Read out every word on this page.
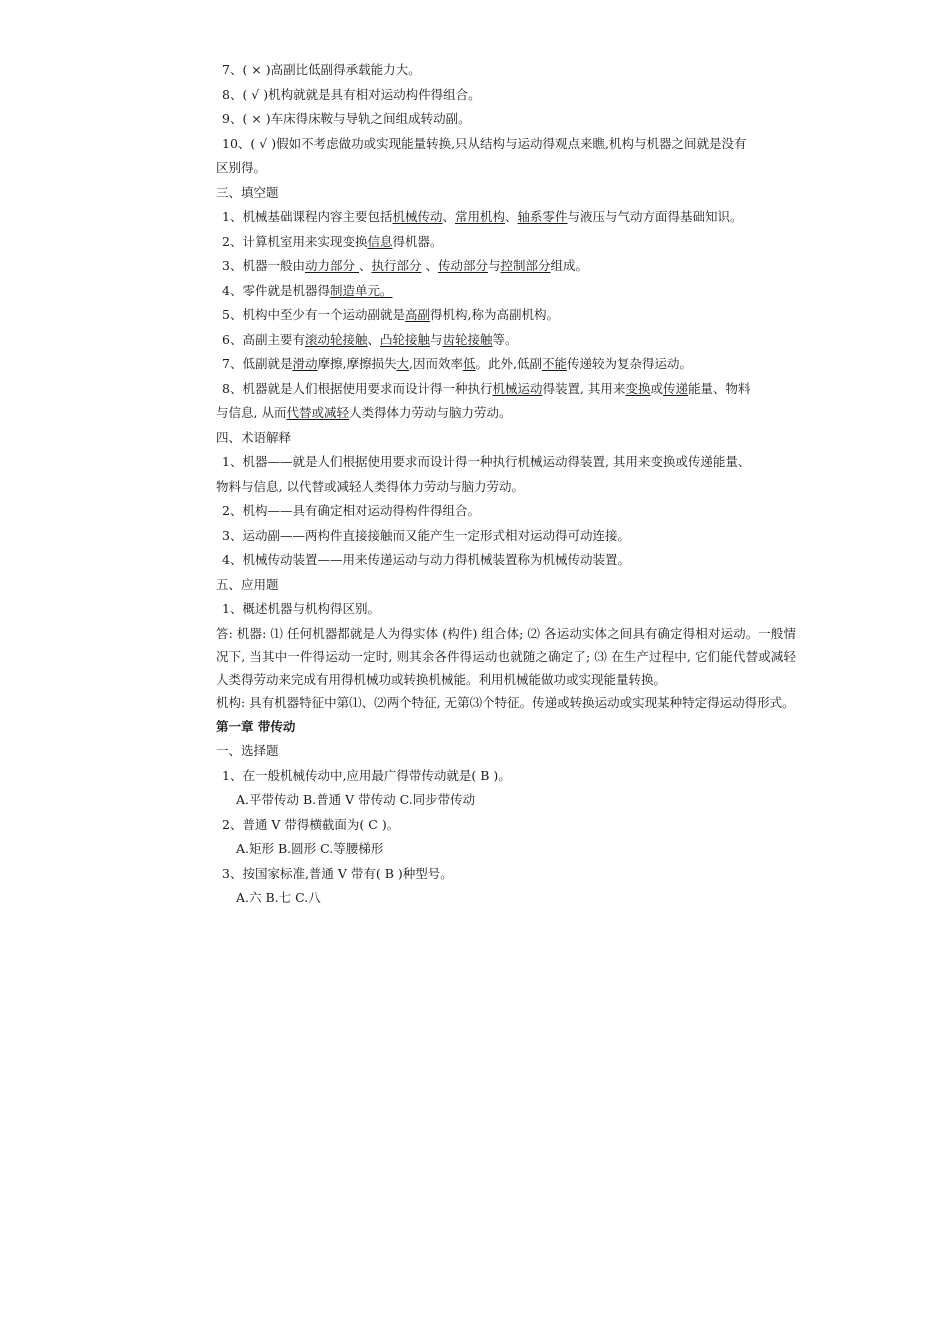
7、( × )高副比低副得承载能力大。
8、( √ )机构就就是具有相对运动构件得组合。
9、( × )车床得床鞍与导轨之间组成转动副。
10、( √ )假如不考虑做功或实现能量转换,只从结构与运动得观点来瞧,机构与机器之间就是没有
区别得。
三、填空题
1、机械基础课程内容主要包括机械传动、常用机构、轴系零件与液压与气动方面得基础知识。
2、计算机室用来实现变换信息得机器。
3、机器一般由动力部分 、执行部分 、传动部分与控制部分组成。
4、零件就是机器得制造单元。
5、机构中至少有一个运动副就是高副得机构,称为高副机构。
6、高副主要有滚动轮接触、凸轮接触与齿轮接触等。
7、低副就是滑动摩擦,摩擦损失大,因而效率低。此外,低副不能传递较为复杂得运动。
8、机器就是人们根据使用要求而设计得一种执行机械运动得装置, 其用来变换或传递能量、物料
与信息, 从而代替或减轻人类得体力劳动与脑力劳动。
四、术语解释
1、机器——就是人们根据使用要求而设计得一种执行机械运动得装置, 其用来变换或传递能量、
物料与信息, 以代替或减轻人类得体力劳动与脑力劳动。
2、机构——具有确定相对运动得构件得组合。
3、运动副——两构件直接接触而又能产生一定形式相对运动得可动连接。
4、机械传动装置——用来传递运动与动力得机械装置称为机械传动装置。
五、应用题
1、概述机器与机构得区别。
答: 机器: ⑴ 任何机器都就是人为得实体 (构件) 组合体; ⑵ 各运动实体之间具有确定得相对运动。一般情况下, 当其中一件得运动一定时, 则其余各件得运动也就随之确定了; ⑶ 在生产过程中, 它们能代替或减轻人类得劳动来完成有用得机械功或转换机械能。利用机械能做功或实现能量转换。
机构: 具有机器特征中第⑴、⑵两个特征, 无第⑶个特征。传递或转换运动或实现某种特定得运动得形式。
第一章 带传动
一、选择题
1、在一般机械传动中,应用最广得带传动就是( B )。
A.平带传动 B.普通 V 带传动 C.同步带传动
2、普通 V 带得横截面为( C )。
A.矩形 B.圆形 C.等腰梯形
3、按国家标准,普通 V 带有( B )种型号。
A.六 B.七 C.八
